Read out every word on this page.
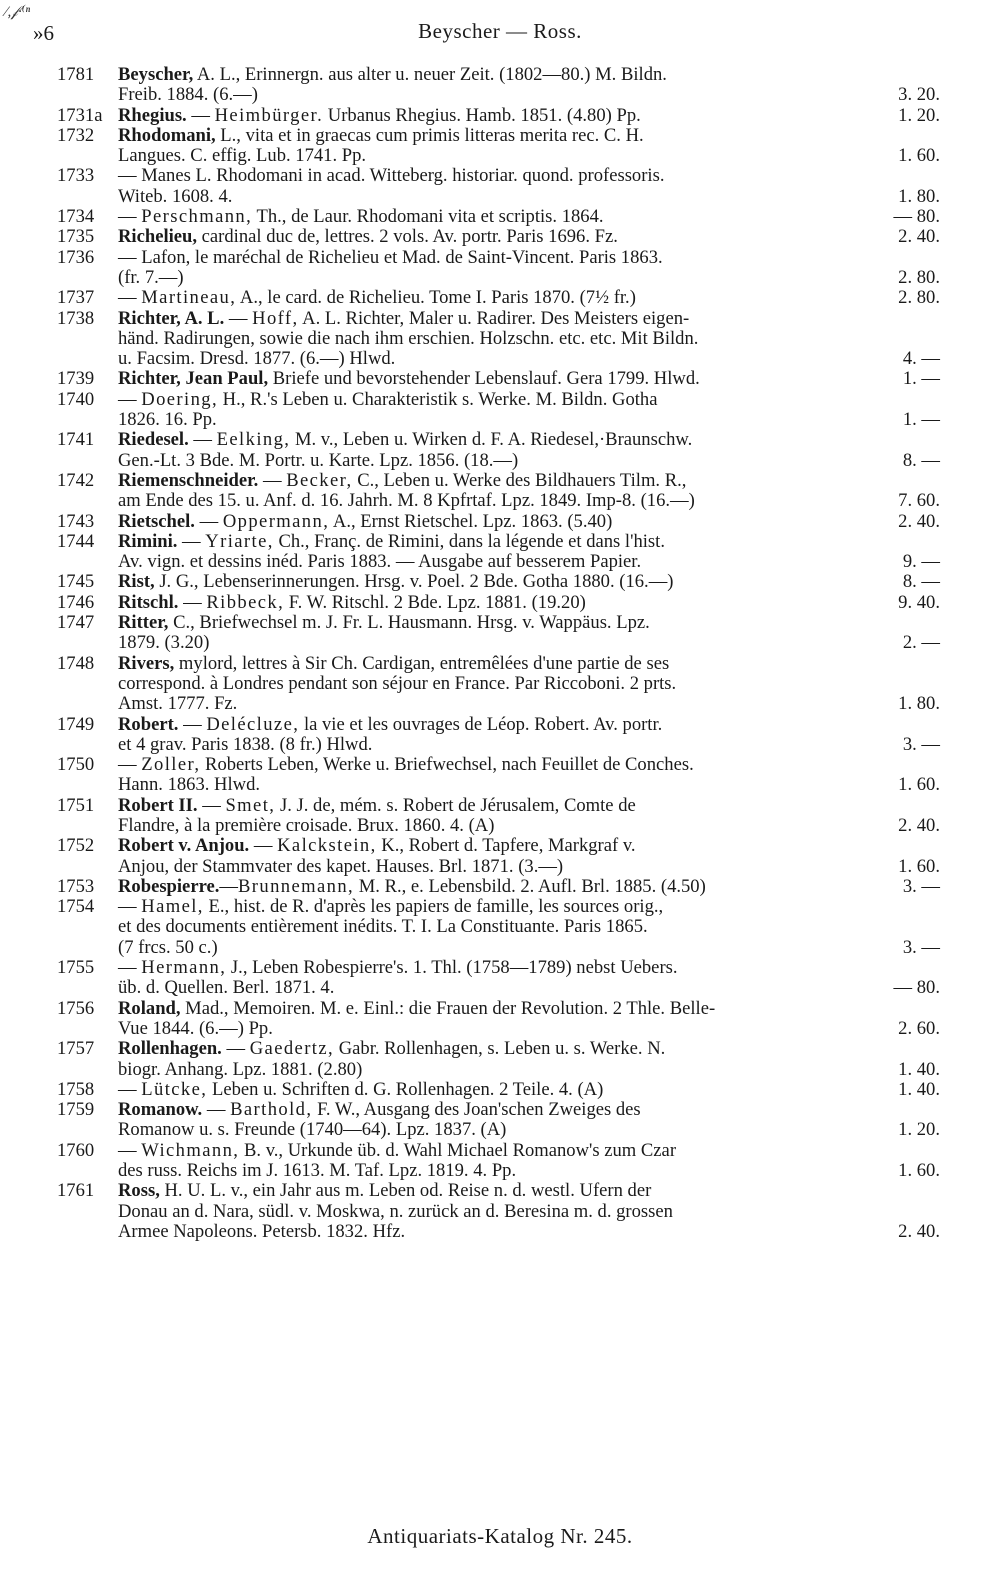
⁄,𝒻·⁽ⁿ
»6	Beyscher — Ross.
1781 Beyscher, A. L., Erinnergn. aus alter u. neuer Zeit. (1802—80.) M. Bildn.
Freib. 1884. (6.—)	3. 20.
1731a Rhegius. — Heimbürger. Urbanus Rhegius. Hamb. 1851. (4.80) Pp.	1. 20.
1732 Rhodomani, L., vita et in graecas cum primis litteras merita rec. C. H.
Langues. C. effig. Lub. 1741. Pp.	1. 60.
1733 — Manes L. Rhodomani in acad. Witteberg. historiar. quond. professoris.
Witeb. 1608. 4.	1. 80.
1734 — Perschmann, Th., de Laur. Rhodomani vita et scriptis. 1864.	— 80.
1735 Richelieu, cardinal duc de, lettres. 2 vols. Av. portr. Paris 1696. Fz.	2. 40.
1736 — Lafon, le maréchal de Richelieu et Mad. de Saint-Vincent. Paris 1863.
(fr. 7.—)	2. 80.
1737 — Martineau, A., le card. de Richelieu. Tome I. Paris 1870. (7½ fr.)	2. 80.
1738 Richter, A. L. — Hoff, A. L. Richter, Maler u. Radirer. Des Meisters eigen-
händ. Radirungen, sowie die nach ihm erschien. Holzschn. etc. etc. Mit Bildn.
u. Facsim. Dresd. 1877. (6.—) Hlwd.	4. —
1739 Richter, Jean Paul, Briefe und bevorstehender Lebenslauf. Gera 1799. Hlwd.	1. —
1740 — Doering, H., R.'s Leben u. Charakteristik s. Werke. M. Bildn. Gotha
1826. 16. Pp.	1. —
1741 Riedesel. — Eelking, M. v., Leben u. Wirken d. F. A. Riedesel,·Braunschw.
Gen.-Lt. 3 Bde. M. Portr. u. Karte. Lpz. 1856. (18.—)	8. —
1742 Riemenschneider. — Becker, C., Leben u. Werke des Bildhauers Tilm. R.,
am Ende des 15. u. Anf. d. 16. Jahrh. M. 8 Kpfrtaf. Lpz. 1849. Imp-8. (16.—)	7. 60.
1743 Rietschel. — Oppermann, A., Ernst Rietschel. Lpz. 1863. (5.40)	2. 40.
1744 Rimini. — Yriarte, Ch., Franç. de Rimini, dans la légende et dans l'hist.
Av. vign. et dessins inéd. Paris 1883. — Ausgabe auf besserem Papier.	9. —
1745 Rist, J. G., Lebenserinnerungen. Hrsg. v. Poel. 2 Bde. Gotha 1880. (16.—)	8. —
1746 Ritschl. — Ribbeck, F. W. Ritschl. 2 Bde. Lpz. 1881. (19.20)	9. 40.
1747 Ritter, C., Briefwechsel m. J. Fr. L. Hausmann. Hrsg. v. Wappäus. Lpz.
1879. (3.20)	2. —
1748 Rivers, mylord, lettres à Sir Ch. Cardigan, entremêlées d'une partie de ses
correspond. à Londres pendant son séjour en France. Par Riccoboni. 2 prts.
Amst. 1777. Fz.	1. 80.
1749 Robert. — Delécluze, la vie et les ouvrages de Léop. Robert. Av. portr.
et 4 grav. Paris 1838. (8 fr.) Hlwd.	3. —
1750 — Zoller, Roberts Leben, Werke u. Briefwechsel, nach Feuillet de Conches.
Hann. 1863. Hlwd.	1. 60.
1751 Robert II. — Smet, J. J. de, mém. s. Robert de Jérusalem, Comte de
Flandre, à la première croisade. Brux. 1860. 4. (A)	2. 40.
1752 Robert v. Anjou. — Kalckstein, K., Robert d. Tapfere, Markgraf v.
Anjou, der Stammvater des kapet. Hauses. Brl. 1871. (3.—)	1. 60.
1753 Robespierre.—Brunnemann, M. R., e. Lebensbild. 2. Aufl. Brl. 1885. (4.50)	3. —
1754 — Hamel, E., hist. de R. d'après les papiers de famille, les sources orig.,
et des documents entièrement inédits. T. I. La Constituante. Paris 1865.
(7 frcs. 50 c.)	3. —
1755 — Hermann, J., Leben Robespierre's. 1. Thl. (1758—1789) nebst Uebers.
üb. d. Quellen. Berl. 1871. 4.	— 80.
1756 Roland, Mad., Memoiren. M. e. Einl.: die Frauen der Revolution. 2 Thle. Belle-
Vue 1844. (6.—) Pp.	2. 60.
1757 Rollenhagen. — Gaedertz, Gabr. Rollenhagen, s. Leben u. s. Werke. N.
biogr. Anhang. Lpz. 1881. (2.80)	1. 40.
1758 — Lütcke, Leben u. Schriften d. G. Rollenhagen. 2 Teile. 4. (A)	1. 40.
1759 Romanow. — Barthold, F. W., Ausgang des Joan'schen Zweiges des
Romanow u. s. Freunde (1740—64). Lpz. 1837. (A)	1. 20.
1760 — Wichmann, B. v., Urkunde üb. d. Wahl Michael Romanow's zum Czar
des russ. Reichs im J. 1613. M. Taf. Lpz. 1819. 4. Pp.	1. 60.
1761 Ross, H. U. L. v., ein Jahr aus m. Leben od. Reise n. d. westl. Ufern der
Donau an d. Nara, südl. v. Moskwa, n. zurück an d. Beresina m. d. grossen
Armee Napoleons. Petersb. 1832. Hfz.	2. 40.
Antiquariats-Katalog Nr. 245.
